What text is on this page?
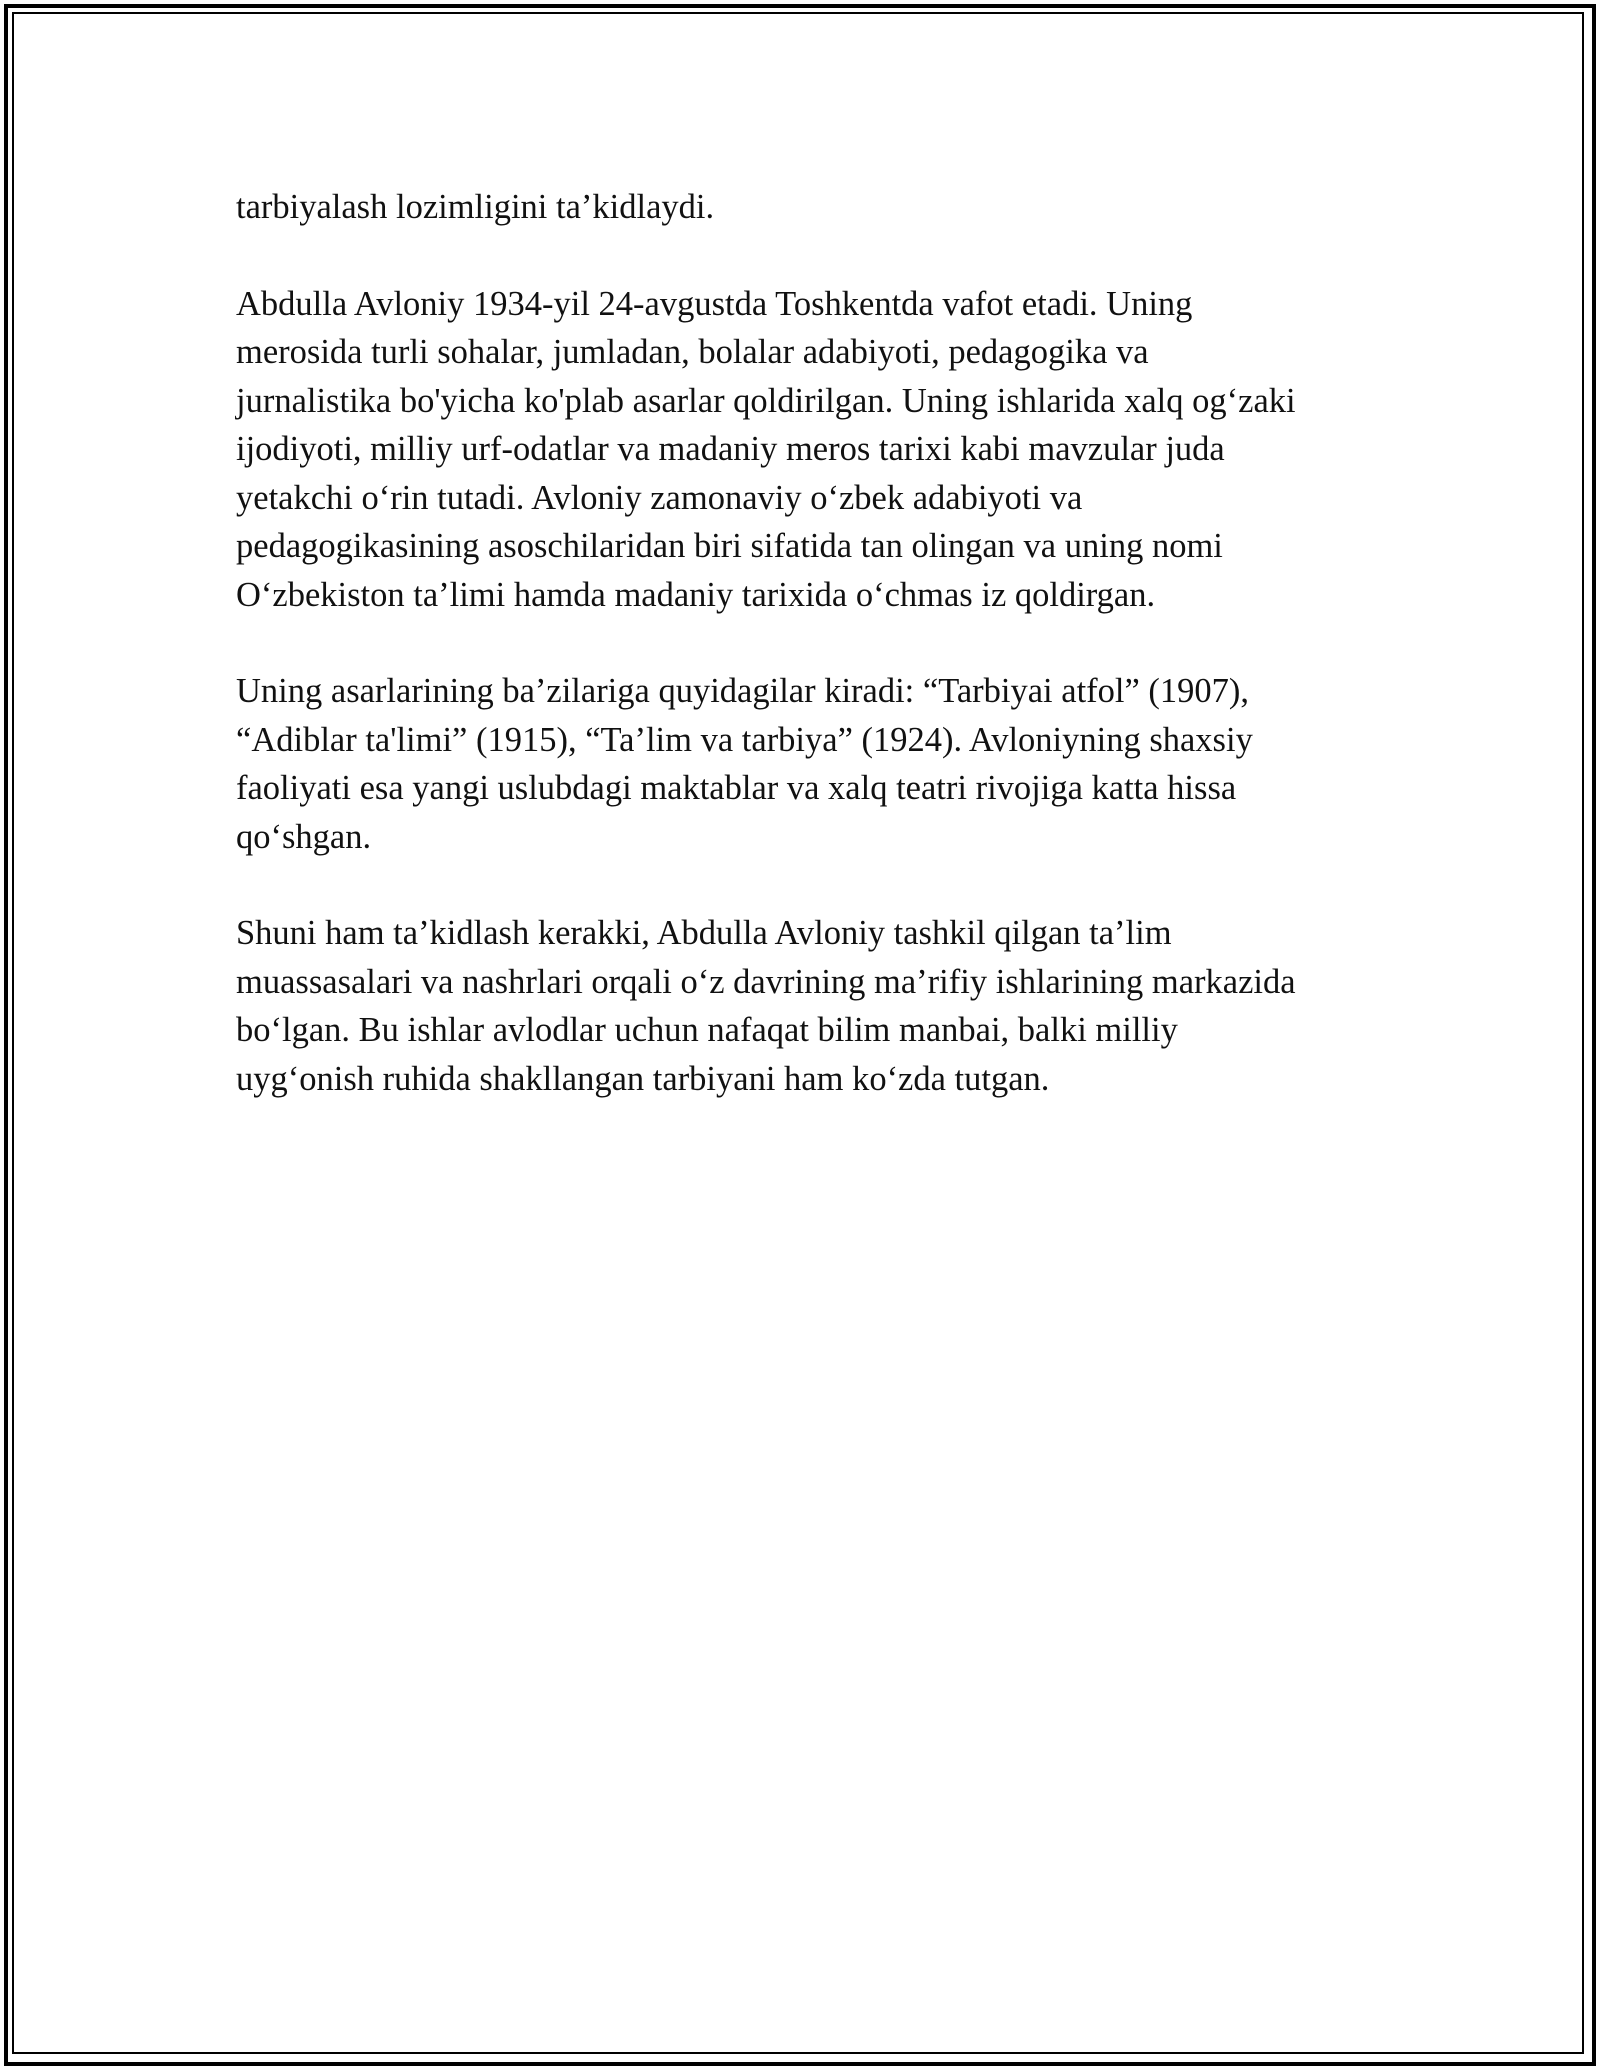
tarbiyalash lozimligini ta’kidlaydi.

Abdulla Avloniy 1934-yil 24-avgustda Toshkentda vafot etadi. Uning
merosida turli sohalar, jumladan, bolalar adabiyoti, pedagogika va
jurnalistika bo'yicha ko'plab asarlar qoldirilgan. Uning ishlarida xalq og‘zaki
ijodiyoti, milliy urf-odatlar va madaniy meros tarixi kabi mavzular juda
yetakchi o‘rin tutadi. Avloniy zamonaviy o‘zbek adabiyoti va
pedagogikasining asoschilaridan biri sifatida tan olingan va uning nomi
O‘zbekiston ta’limi hamda madaniy tarixida o‘chmas iz qoldirgan.

Uning asarlarining ba’zilariga quyidagilar kiradi: “Tarbiyai atfol” (1907),
“Adiblar ta'limi” (1915), “Ta’lim va tarbiya” (1924). Avloniyning shaxsiy
faoliyati esa yangi uslubdagi maktablar va xalq teatri rivojiga katta hissa
qo‘shgan.

Shuni ham ta’kidlash kerakki, Abdulla Avloniy tashkil qilgan ta’lim
muassasalari va nashrlari orqali o‘z davrining ma’rifiy ishlarining markazida
bo‘lgan. Bu ishlar avlodlar uchun nafaqat bilim manbai, balki milliy
uyg‘onish ruhida shakllangan tarbiyani ham ko‘zda tutgan.
